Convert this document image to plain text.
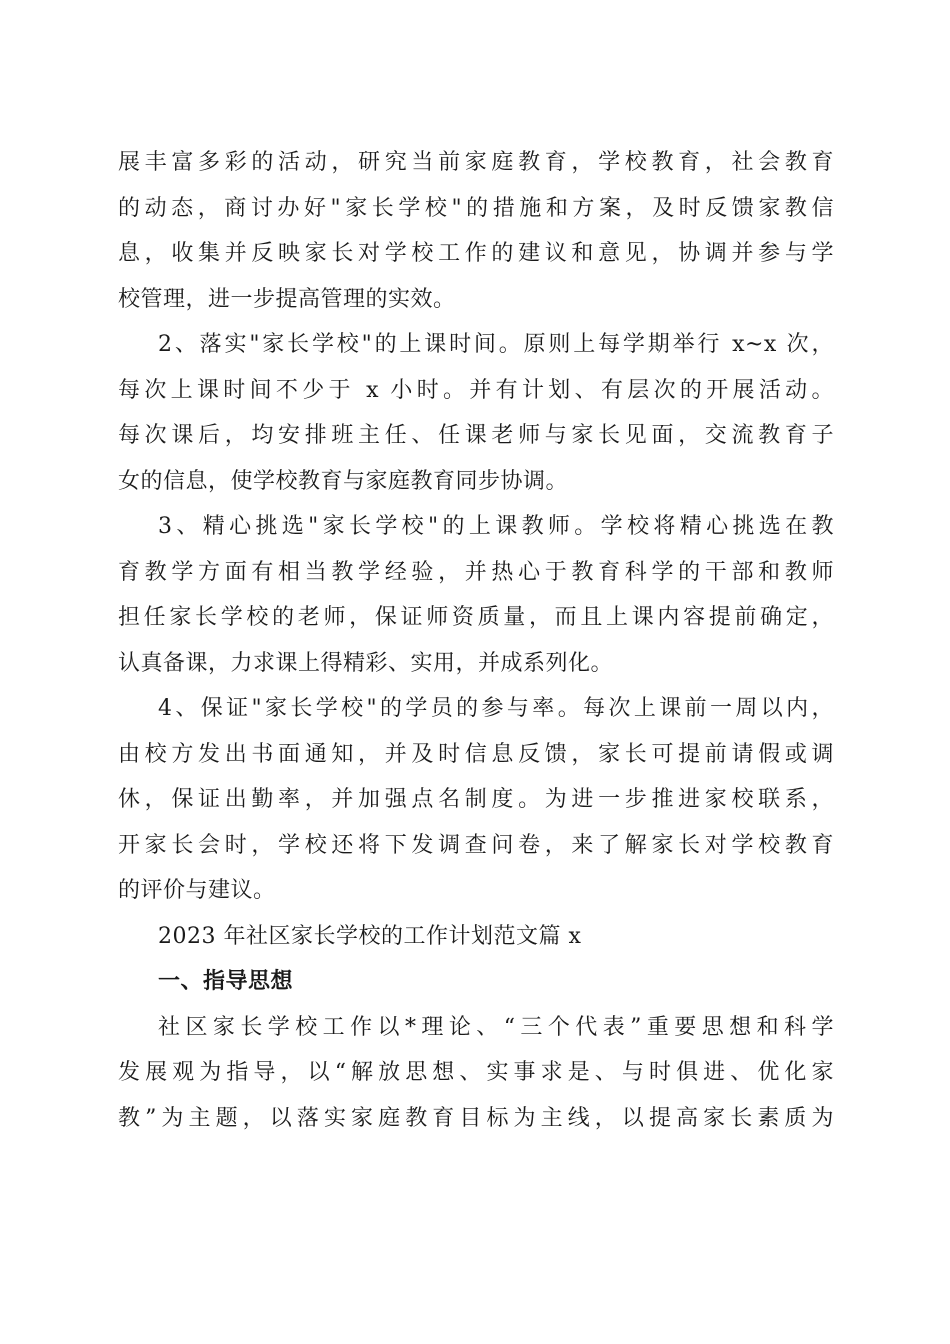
展丰富多彩的活动，研究当前家庭教育，学校教育，社会教育
的动态，商讨办好"家长学校"的措施和方案，及时反馈家教信
息，收集并反映家长对学校工作的建议和意见，协调并参与学
校管理，进一步提高管理的实效。
2、落实"家长学校"的上课时间。原则上每学期举行 x~x 次，
每次上课时间不少于 x 小时。并有计划、有层次的开展活动。
每次课后，均安排班主任、任课老师与家长见面，交流教育子
女的信息，使学校教育与家庭教育同步协调。
3、精心挑选"家长学校"的上课教师。学校将精心挑选在教
育教学方面有相当教学经验，并热心于教育科学的干部和教师
担任家长学校的老师，保证师资质量，而且上课内容提前确定，
认真备课，力求课上得精彩、实用，并成系列化。
4、保证"家长学校"的学员的参与率。每次上课前一周以内，
由校方发出书面通知，并及时信息反馈，家长可提前请假或调
休，保证出勤率，并加强点名制度。为进一步推进家校联系，
开家长会时，学校还将下发调查问卷，来了解家长对学校教育
的评价与建议。
2023 年社区家长学校的工作计划范文篇 x
一、指导思想
社区家长学校工作以*理论、“三个代表”重要思想和科学
发展观为指导，以“解放思想、实事求是、与时俱进、优化家
教”为主题，以落实家庭教育目标为主线，以提高家长素质为
